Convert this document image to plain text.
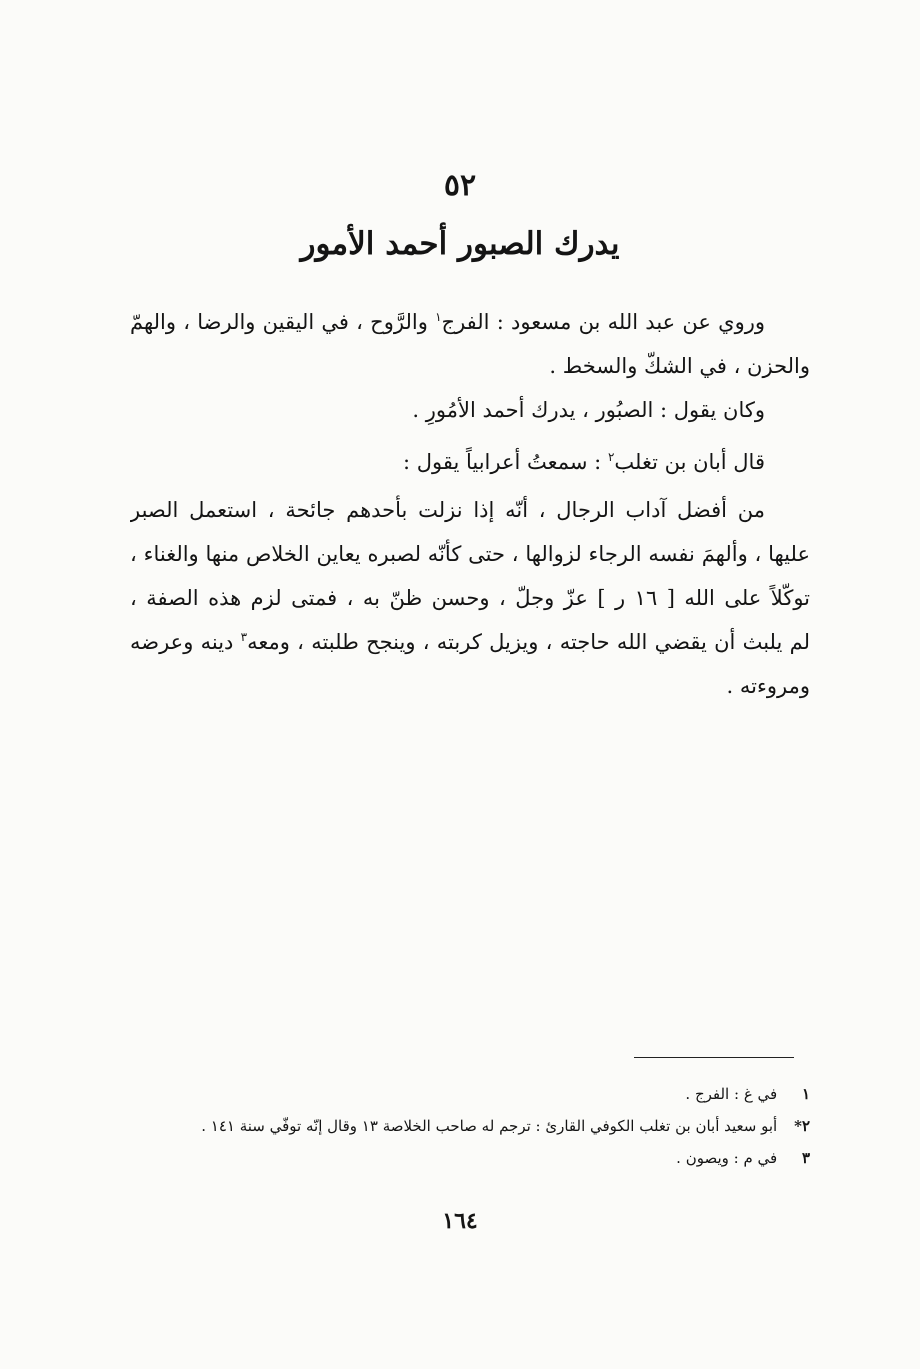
٥٢
يدرك الصبور أحمد الأمور
وروي عن عبد الله بن مسعود : الفرج$^١$ والرَّوح ، في اليقين والرضا ، والهمّ
والحزن ، في الشكّ والسخط .
وكان يقول : الصبُور ، يدرك أحمد الأمُورِ .
قال أبان بن تغلب$^٢$ : سمعتُ أعرابياً يقول :
من أفضل آداب الرجال ، أنّه إذا نزلت بأحدهم جائحة ، استعمل الصبر
عليها ، وألهمَ نفسه الرجاء لزوالها ، حتى كأنّه لصبره يعاين الخلاص منها والغناء ،
توكّلاً على الله [ ١٦ ر ] عزّ وجلّ ، وحسن ظنّ به ، فمتى لزم هذه الصفة ،
لم يلبث أن يقضي الله حاجته ، ويزيل كربته ، وينجح طلبته ، ومعه$^٣$ دينه وعرضه
ومروءته .
١ في غ : الفرج .
٢* أبو سعيد أبان بن تغلب الكوفي القارئ : ترجم له صاحب الخلاصة ١٣ وقال إنّه توفّي سنة ١٤١ .
٣ في م : ويصون .
١٦٤
